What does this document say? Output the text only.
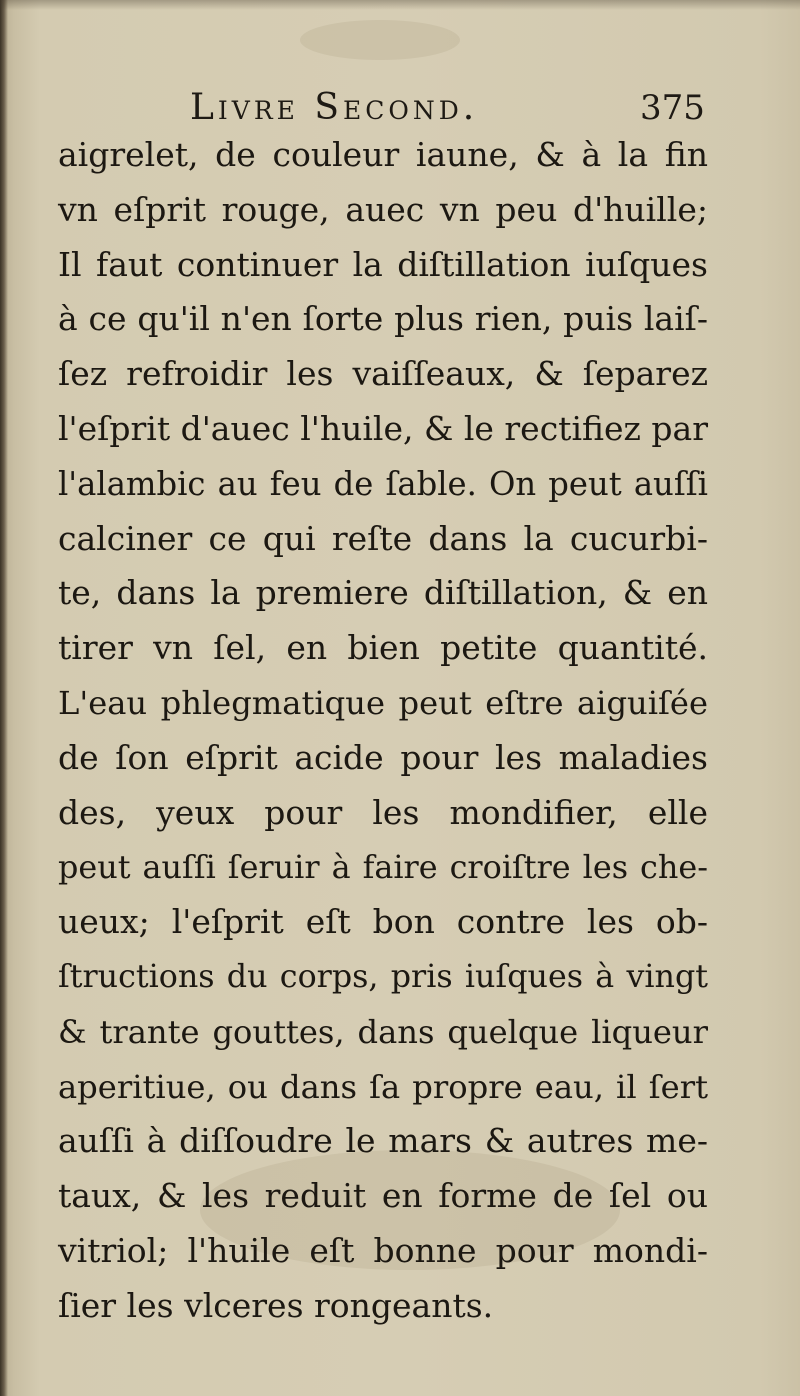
Livre Second.	375
aigrelet, de couleur iaune, & à la fin
vn eſprit rouge, auec vn peu d'huille;
Il faut continuer la diſtillation iuſques
à ce qu'il n'en ſorte plus rien, puis laiſ-
ſez refroidir les vaiſſeaux, & ſeparez
l'eſprit d'auec l'huile, & le rectifiez par
l'alambic au feu de ſable. On peut auſſi
calciner ce qui reſte dans la cucurbi-
te, dans la premiere diſtillation, & en
tirer vn ſel, en bien petite quantité.
L'eau phlegmatique peut eſtre aiguiſée
de ſon eſprit acide pour les maladies
des, yeux pour les mondifier, elle
peut auſſi ſeruir à faire croiſtre les che-
ueux; l'eſprit eſt bon contre les ob-
ſtructions du corps, pris iuſques à vingt
& trante gouttes, dans quelque liqueur
aperitiue, ou dans ſa propre eau, il ſert
auſſi à diſſoudre le mars & autres me-
taux, & les reduit en forme de ſel ou
vitriol; l'huile eſt bonne pour mondi-
ſier les vlceres rongeants.
